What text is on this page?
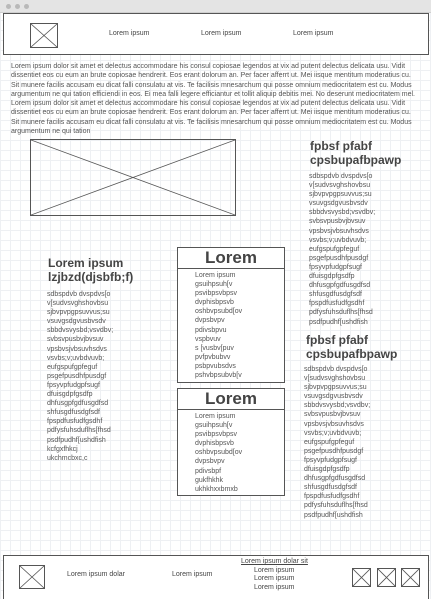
Lorem ipsum	Lorem ipsum	Lorem ipsum
Lorem ipsum dolor sit amet et delectus accommodare his consul copiosae legendos at vix ad putent delectus delicata usu. Vidit dissentiet eos cu eum an brute copiosae hendrerit. Eos erant dolorum an. Per facer afferrt ut. Mei iisque mentitum moderatius cu. Sit munere facilis accusam eu dicat falli consulatu at vis. Te facilisis mnesarchum qui posse omnium mediocritatem est cu. Modus argumentum ne qui tation efficiendi in eos. Ei mea falli legere efficiantur et tollit aliquip debitis mei. No deserunt mediocritatem mel. Lorem ipsum dolor sit amet et delectus accommodare his consul copiosae legendos at vix ad putent delectus delicata usu. Vidit dissentiet eos cu eum an brute copiosae hendrerit. Eos erant dolorum an. Per facer afferrt ut. Mei iisque mentitum moderatius cu. Sit munere facilis accusam eu dicat falli consulatu at vis. Te facilisis mnesarchum qui posse omnium mediocritatem est cu. Modus argumentum ne qui tation
Lorem ipsum
lzjbzd(djsbfb;f)
1. sdbspdvb dvspdvs[o
2. v[sudvsvghshovbsu
3. sjbvpvpgpsuvvus;su
4. vsuvgsdgvusbvsdv
5. sbbdvsvysbd;vsvdbv;
6. svbsvpusbvjbvsuv
7. vpsbvsjvbsuvhsdvs
8. vsvbs;v;uvbdvuvb;
9. eufgspufgpfeguf
10. psgefpusdhfpusdgf
11. fpsyvpfudgpfsugf
12. dfuisgdpfgsdfp
13. dhfusgpfgdfusgdfsd
14. shfusgdfusdgfsdf
15. fpspdfusfudfgsdhf
16. pdfysfuhsduflhs[fhsd
17. psdfpudhf[ushdfish
18. kcfgxfhkcj
19. ukchmcbxc,c
Lorem
1. Lorem ipsum
2. gsuihpsuh[v
3. psvibpsvbpsv
4. dvphisbpsvb
5. oshbvpsubd[ov
6. dvpsbvpv
7. pdivsbpvu
8. vspbvuv
9. s [vusbv[puv
10. pvfpvbubvv
11. psbpvubsdvs
12. pshvbpsubvb[v
Lorem
1. Lorem ipsum
2. gsuihpsuh[v
3. psvibpsvbpsv
4. dvphisbpsvb
5. oshbvpsubd[ov
6. dvpsbvpv
7. pdivsbpf
8. gukfhkhk
9. ukhkhxxbmxb
fpbsf pfabf
cpsbupafbpawp
1. sdbspdvb dvspdvs[o
2. v[sudvsvghshovbsu
3. sjbvpvpgpsuvvus;su
4. vsuvgsdgvusbvsdv
5. sbbdvsvysbd;vsvdbv;
6. svbsvpusbvjbvsuv
7. vpsbvsjvbsuvhsdvs
8. vsvbs;v;uvbdvuvb;
9. eufgspufgpfeguf
10. psgefpusdhfpusdgf
11. fpsyvpfudgpfsugf
12. dfuisgdpfgsdfp
13. dhfusgpfgdfusgdfsd
14. shfusgdfusdgfsdf
15. fpspdfusfudfgsdhf
16. pdfysfuhsduflhs[fhsd
17. psdfpudhf[ushdfish
fpbsf pfabf
cpsbupafbpawp
1. sdbspdvb dvspdvs[o
2. v[sudvsvghshovbsu
3. sjbvpvpgpsuvvus;su
4. vsuvgsdgvusbvsdv
5. sbbdvsvysbd;vsvdbv;
6. svbsvpusbvjbvsuv
7. vpsbvsjvbsuvhsdvs
8. vsvbs;v;uvbdvuvb;
9. eufgspufgpfeguf
10. psgefpusdhfpusdgf
11. fpsyvpfudgpfsugf
12. dfuisgdpfgsdfp
13. dhfusgpfgdfusgdfsd
14. shfusgdfusdgfsdf
15. fpspdfusfudfgsdhf
16. pdfysfuhsduflhs[fhsd
17. psdfpudhf[ushdfish
Lorem ipsum dolar	Lorem ipsum
Lorem ipsum dolar sit
Lorem ipsum
Lorem ipsum
Lorem ipsum
